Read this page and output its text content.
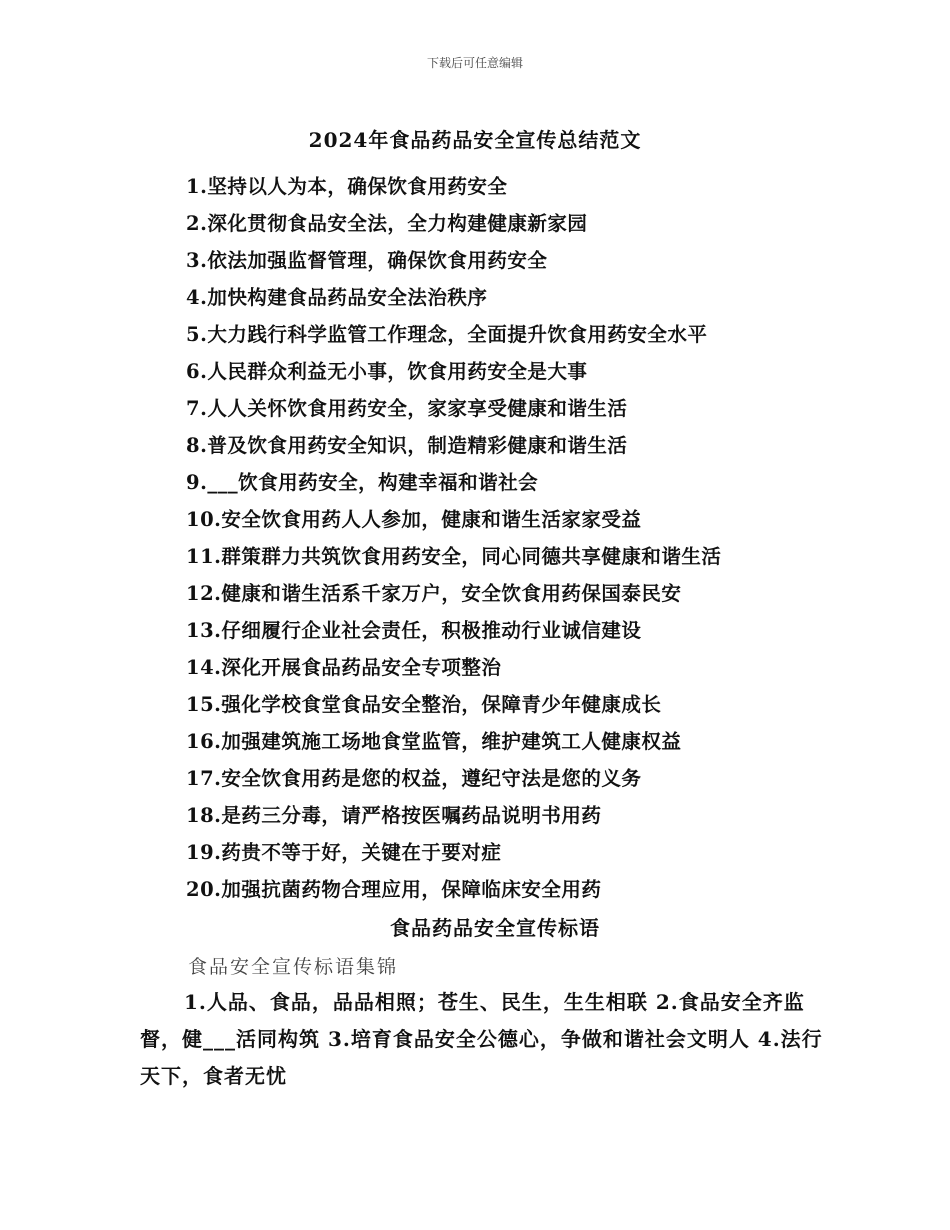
下载后可任意编辑
2024年食品药品安全宣传总结范文
1.坚持以人为本，确保饮食用药安全
2.深化贯彻食品安全法，全力构建健康新家园
3.依法加强监督管理，确保饮食用药安全
4.加快构建食品药品安全法治秩序
5.大力践行科学监管工作理念，全面提升饮食用药安全水平
6.人民群众利益无小事，饮食用药安全是大事
7.人人关怀饮食用药安全，家家享受健康和谐生活
8.普及饮食用药安全知识，制造精彩健康和谐生活
9.___饮食用药安全，构建幸福和谐社会
10.安全饮食用药人人参加，健康和谐生活家家受益
11.群策群力共筑饮食用药安全，同心同德共享健康和谐生活
12.健康和谐生活系千家万户，安全饮食用药保国泰民安
13.仔细履行企业社会责任，积极推动行业诚信建设
14.深化开展食品药品安全专项整治
15.强化学校食堂食品安全整治，保障青少年健康成长
16.加强建筑施工场地食堂监管，维护建筑工人健康权益
17.安全饮食用药是您的权益，遵纪守法是您的义务
18.是药三分毒，请严格按医嘱药品说明书用药
19.药贵不等于好，关键在于要对症
20.加强抗菌药物合理应用，保障临床安全用药
食品药品安全宣传标语
食品安全宣传标语集锦
1.人品、食品，品品相照；苍生、民生，生生相联 2.食品安全齐监督，健___活同构筑 3.培育食品安全公德心，争做和谐社会文明人 4.法行天下，食者无忧
